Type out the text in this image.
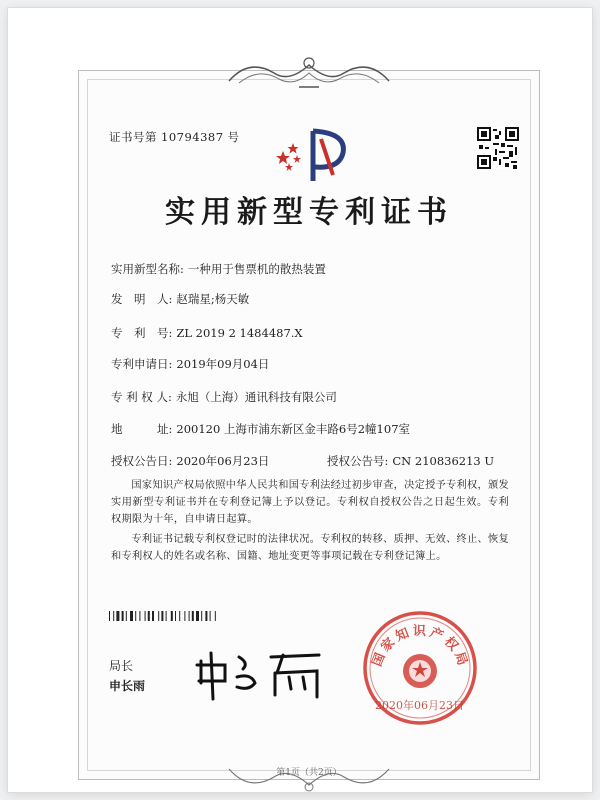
证书号第 10794387 号
实用新型专利证书
实用新型名称: 一种用于售票机的散热装置
发　明　人: 赵瑞星;杨天敏
专　利　号: ZL 2019 2 1484487.X
专利申请日: 2019年09月04日
专 利 权 人: 永旭（上海）通讯科技有限公司
地　　　址: 200120 上海市浦东新区金丰路6号2幢107室
授权公告日: 2020年06月23日	授权公告号: CN 210836213 U
国家知识产权局依照中华人民共和国专利法经过初步审查，决定授予专利权，颁发实用新型专利证书并在专利登记簿上予以登记。专利权自授权公告之日起生效。专利权期限为十年，自申请日起算。
专利证书记载专利权登记时的法律状况。专利权的转移、质押、无效、终止、恢复和专利权人的姓名或名称、国籍、地址变更等事项记载在专利登记簿上。
局长
申长雨
国家知识产权局
2020年06月23日
第1页（共2页）
